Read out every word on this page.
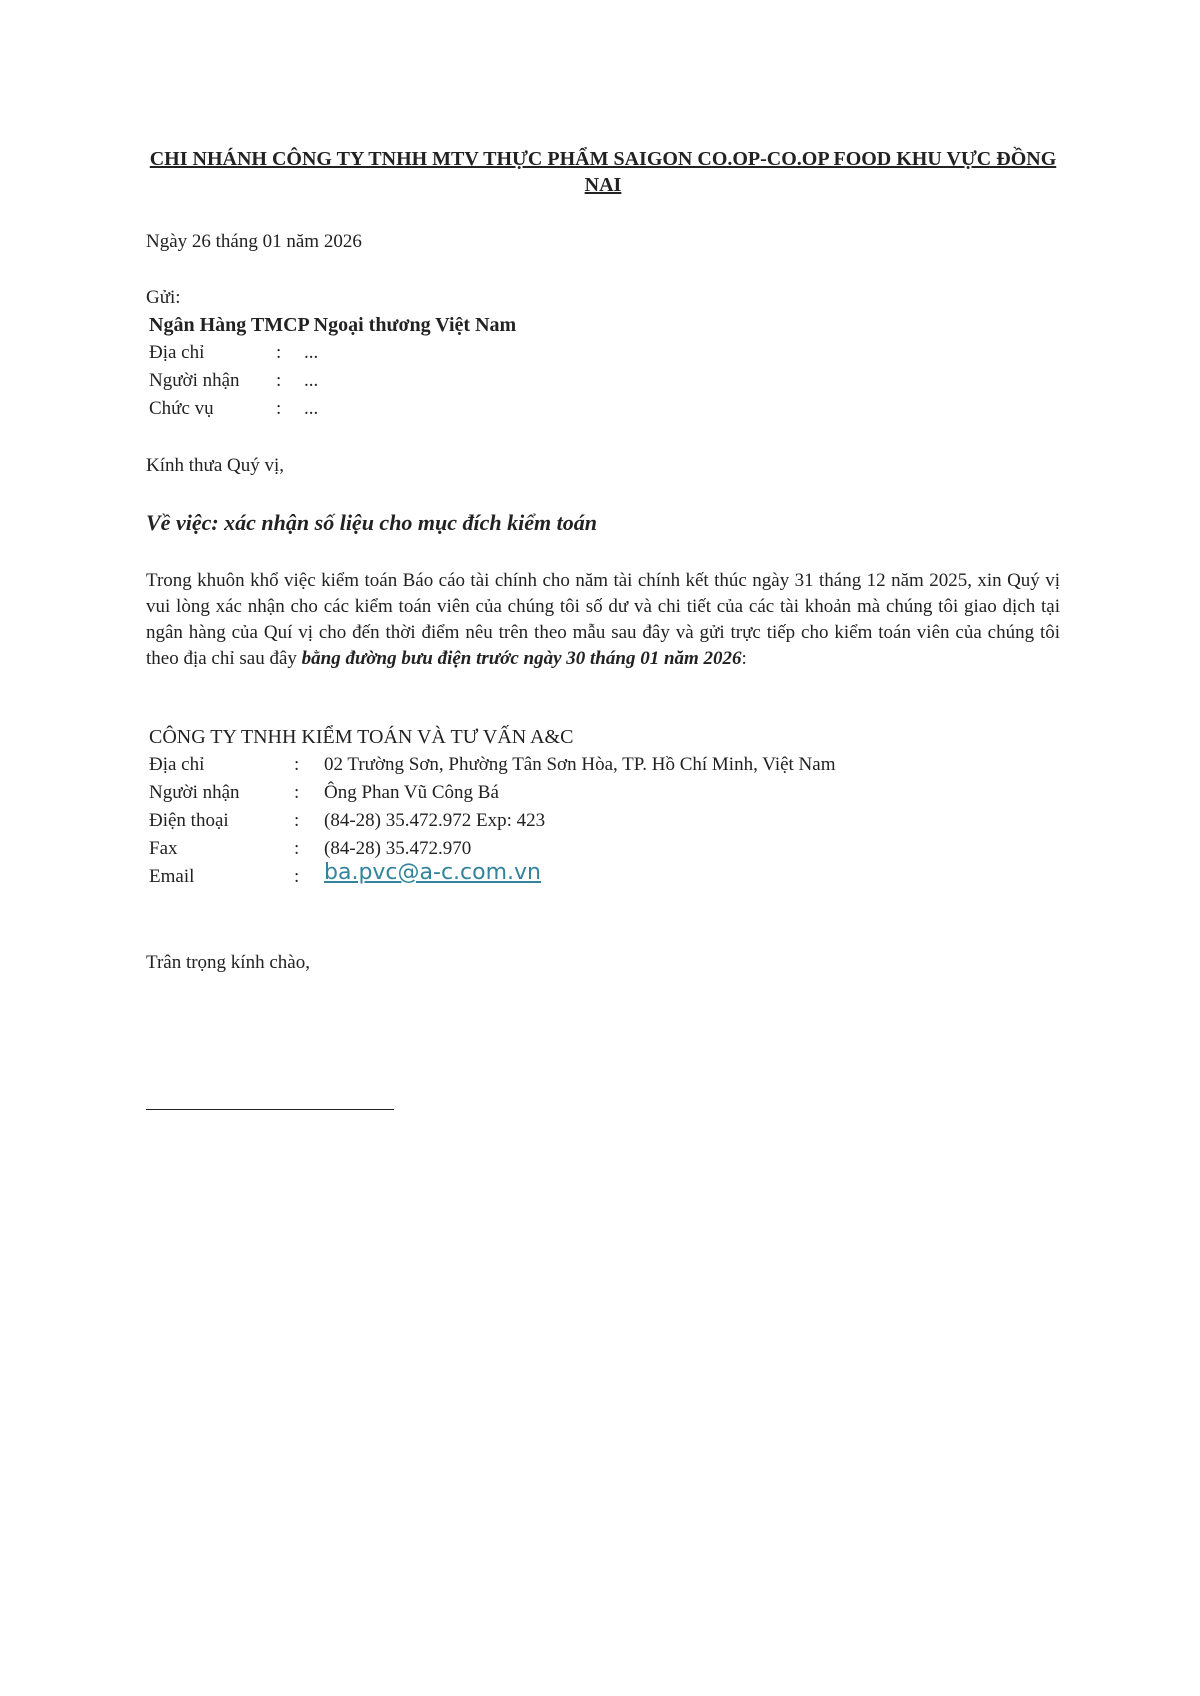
CHI NHÁNH CÔNG TY TNHH MTV THỰC PHẨM SAIGON CO.OP-CO.OP FOOD KHU VỰC ĐỒNG NAI
Ngày 26 tháng 01 năm 2026
Gửi:
Ngân Hàng TMCP Ngoại thương Việt Nam
Địa chỉ	: ...
Người nhận : ...
Chức vụ	: ...
Kính thưa Quý vị,
Về việc: xác nhận số liệu cho mục đích kiểm toán
Trong khuôn khổ việc kiểm toán Báo cáo tài chính cho năm tài chính kết thúc ngày 31 tháng 12 năm 2025, xin Quý vị vui lòng xác nhận cho các kiểm toán viên của chúng tôi số dư và chi tiết của các tài khoản mà chúng tôi giao dịch tại ngân hàng của Quí vị cho đến thời điểm nêu trên theo mẫu sau đây và gửi trực tiếp cho kiểm toán viên của chúng tôi theo địa chỉ sau đây bằng đường bưu điện trước ngày 30 tháng 01 năm 2026:
CÔNG TY TNHH KIỂM TOÁN VÀ TƯ VẤN A&C
Địa chỉ	: 02 Trường Sơn, Phường Tân Sơn Hòa, TP. Hồ Chí Minh, Việt Nam
Người nhận	: Ông Phan Vũ Công Bá
Điện thoại	: (84-28) 35.472.972 Exp: 423
Fax	: (84-28) 35.472.970
Email	: ba.pvc@a-c.com.vn
Trân trọng kính chào,
